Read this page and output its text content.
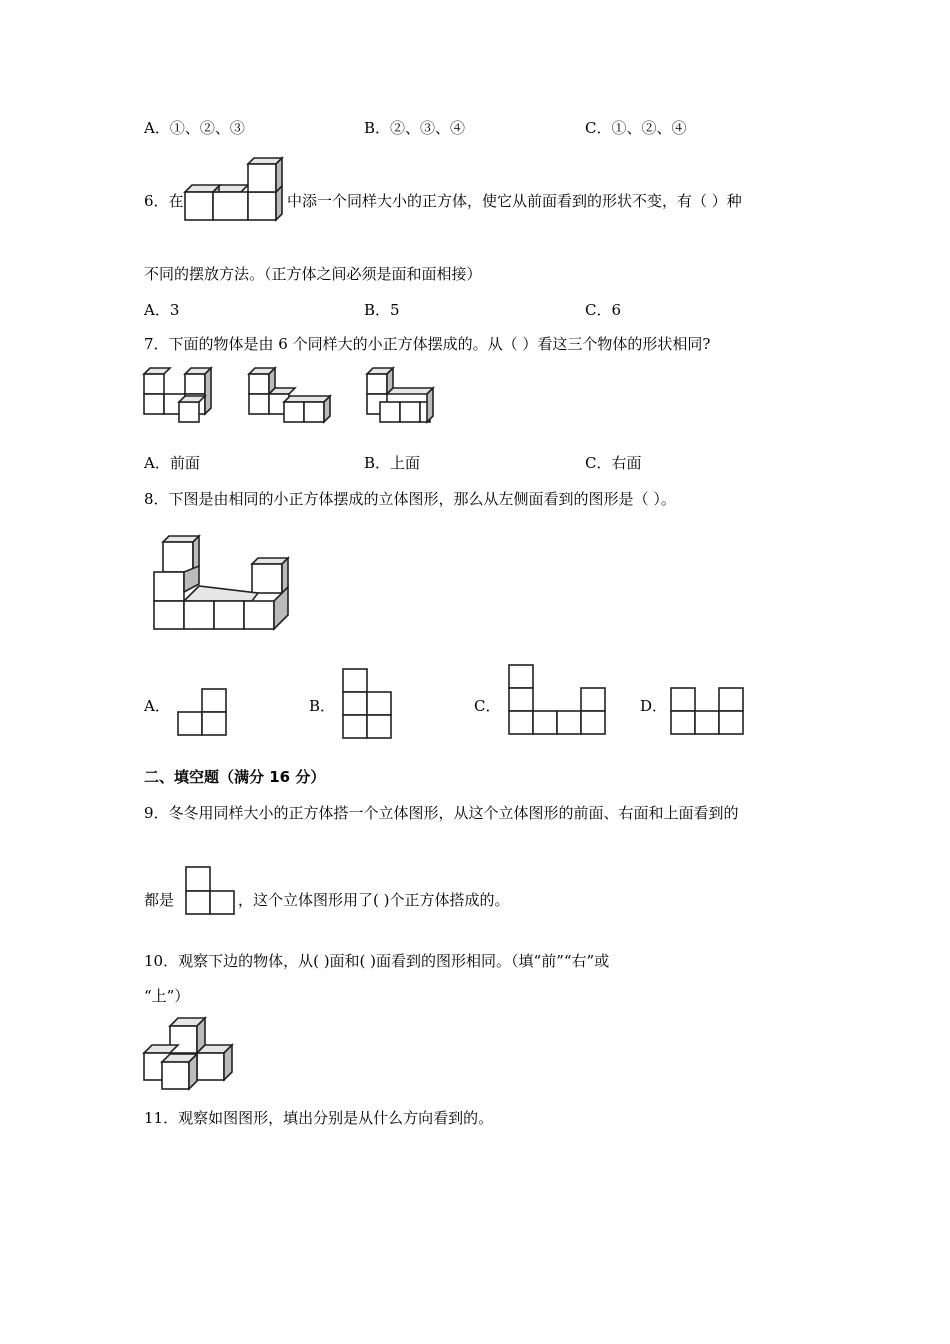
A．①、②、③	B．②、③、④	C．①、②、④
6．在	中添一个同样大小的正方体，使它从前面看到的形状不变，有（ ）种
不同的摆放方法。（正方体之间必须是面和面相接）
A．3	B．5	C．6
7．下面的物体是由 6 个同样大的小正方体摆成的。从（ ）看这三个物体的形状相同?
A．前面	B．上面	C．右面
8．下图是由相同的小正方体摆成的立体图形，那么从左侧面看到的图形是（ ）。
A．	B．	C．	D．
二、填空题（满分 16 分）
9．冬冬用同样大小的正方体搭一个立体图形，从这个立体图形的前面、右面和上面看到的
都是	，这个立体图形用了( )个正方体搭成的。
10．观察下边的物体，从( )面和( )面看到的图形相同。（填“前”“右”或
“上”）
11．观察如图图形，填出分别是从什么方向看到的。
